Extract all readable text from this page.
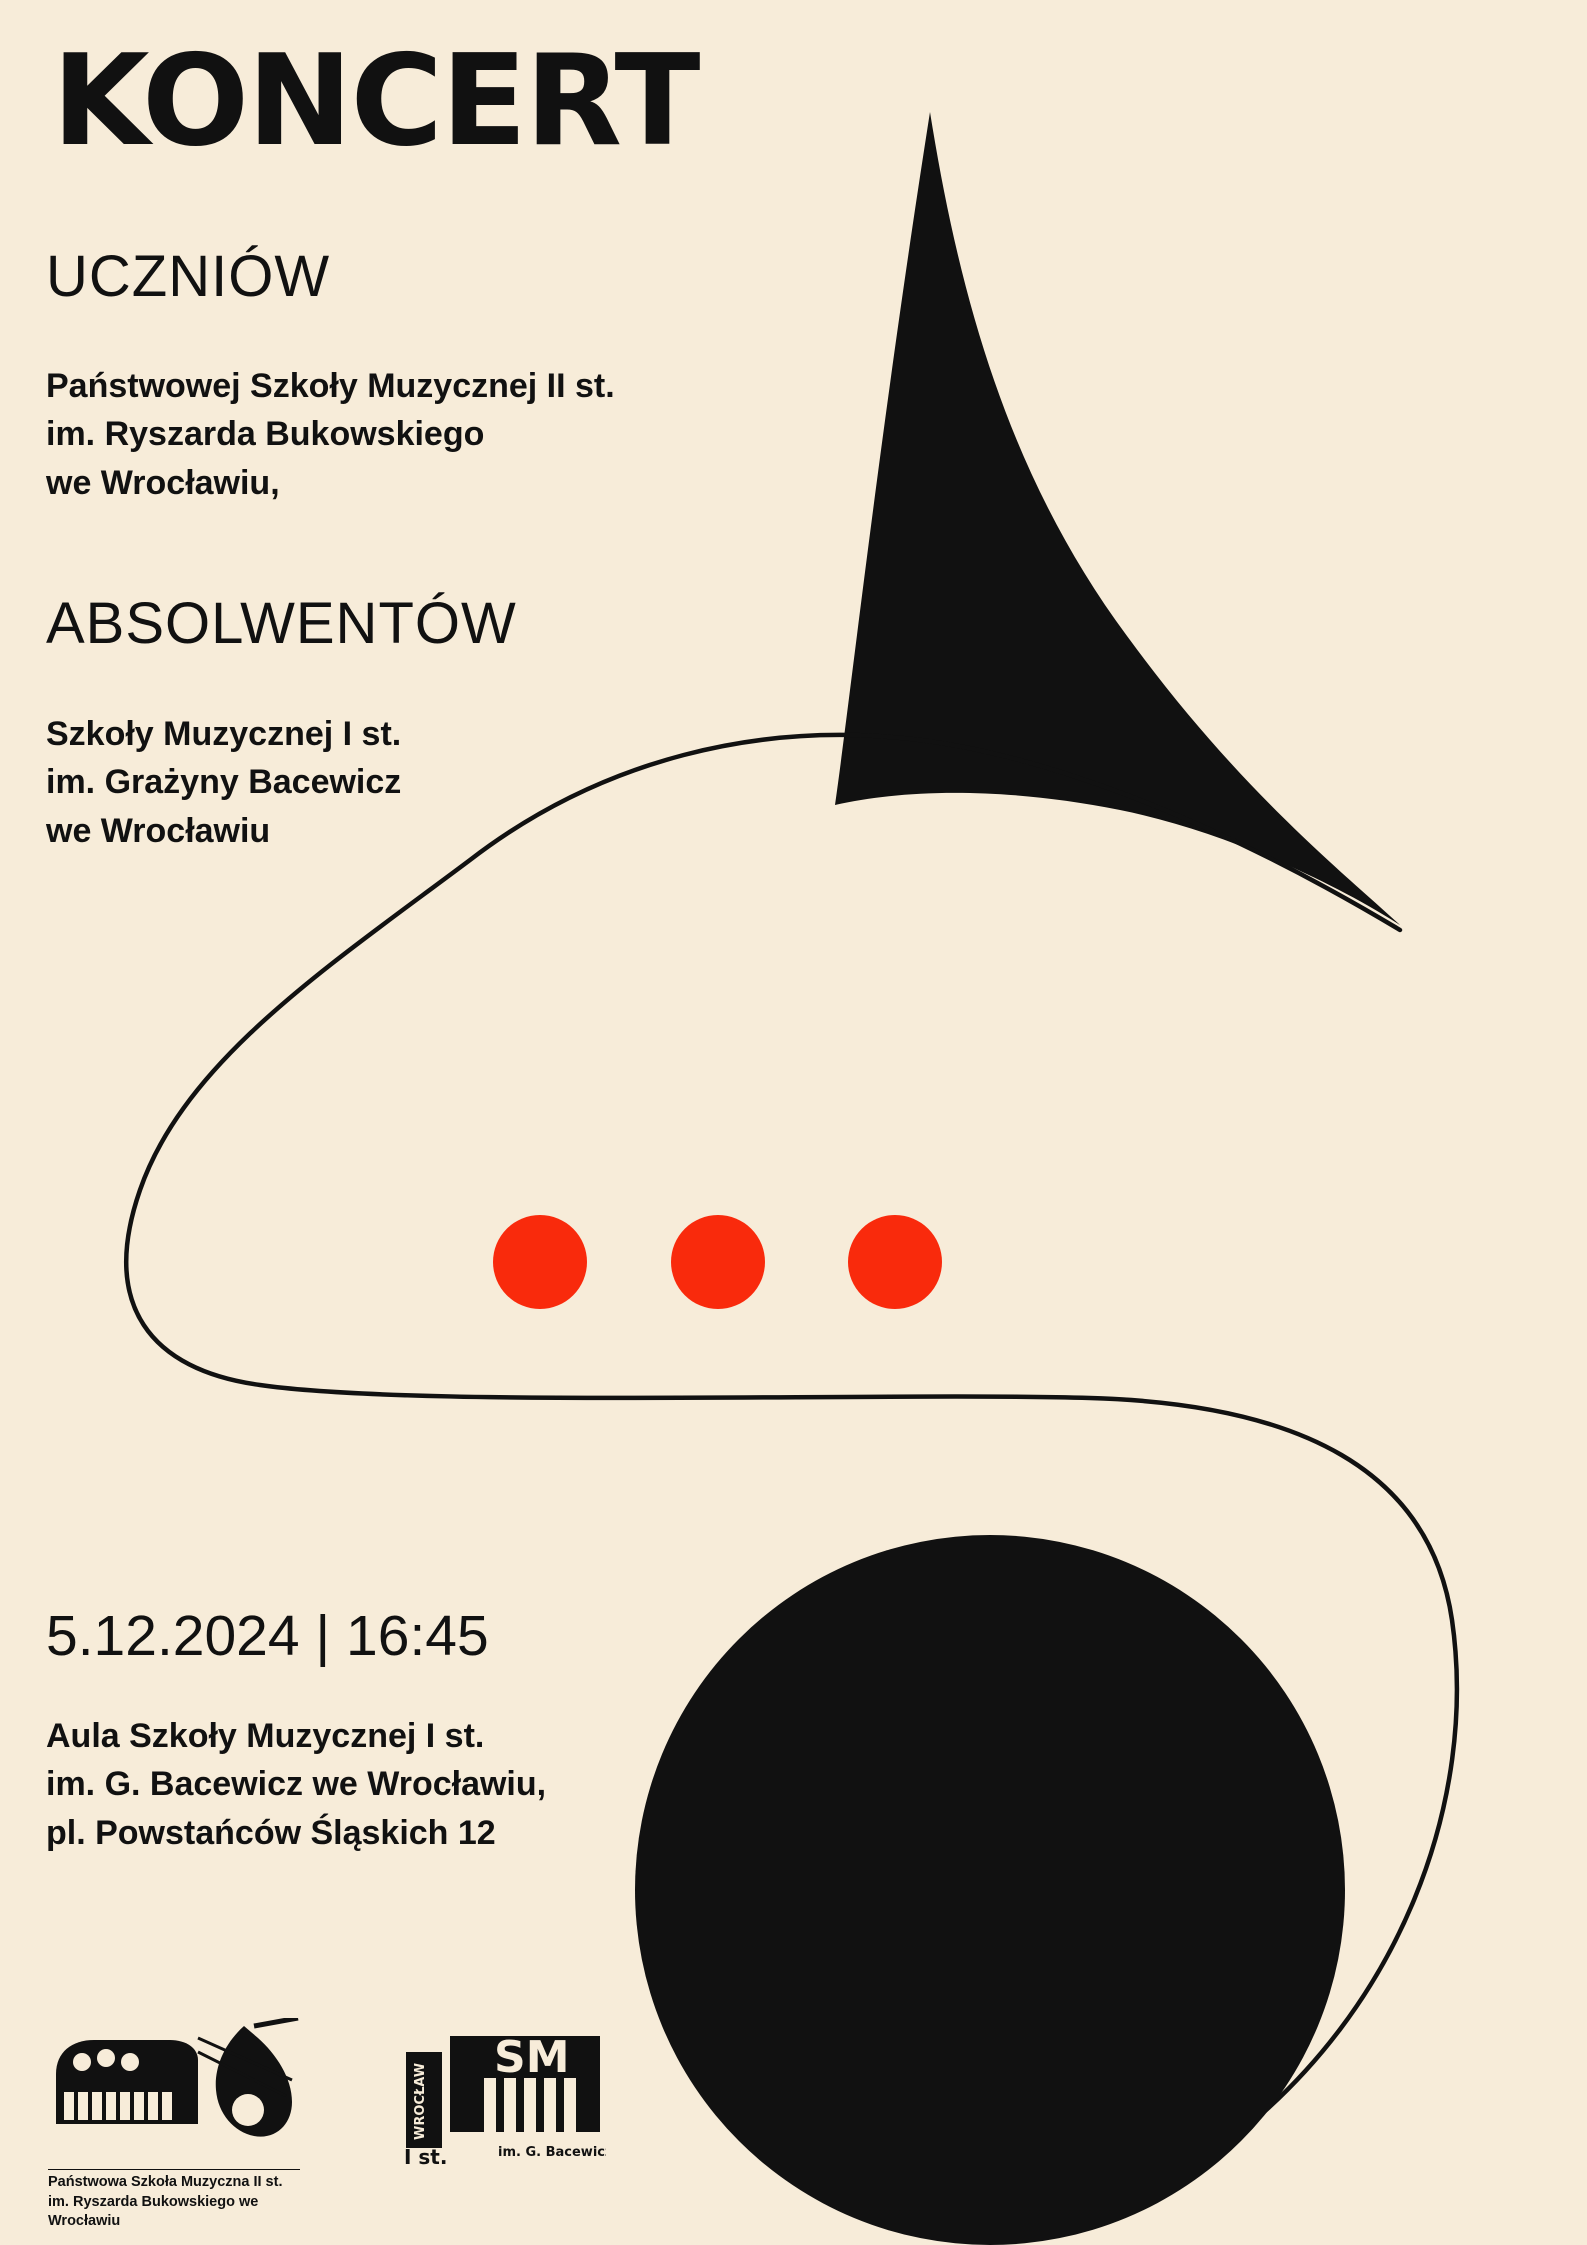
KONCERT
UCZNIÓW
Państwowej Szkoły Muzycznej II st.
im. Ryszarda Bukowskiego
we Wrocławiu,
ABSOLWENTÓW
Szkoły Muzycznej I st.
im. Grażyny Bacewicz
we Wrocławiu
5.12.2024 | 16:45
Aula Szkoły Muzycznej I st.
im. G. Bacewicz we Wrocławiu,
pl. Powstańców Śląskich 12
Państwowa Szkoła Muzyczna II st.
im. Ryszarda Bukowskiego we Wrocławiu
SM
WROCŁAW
I st.	im. G. Bacewicz
